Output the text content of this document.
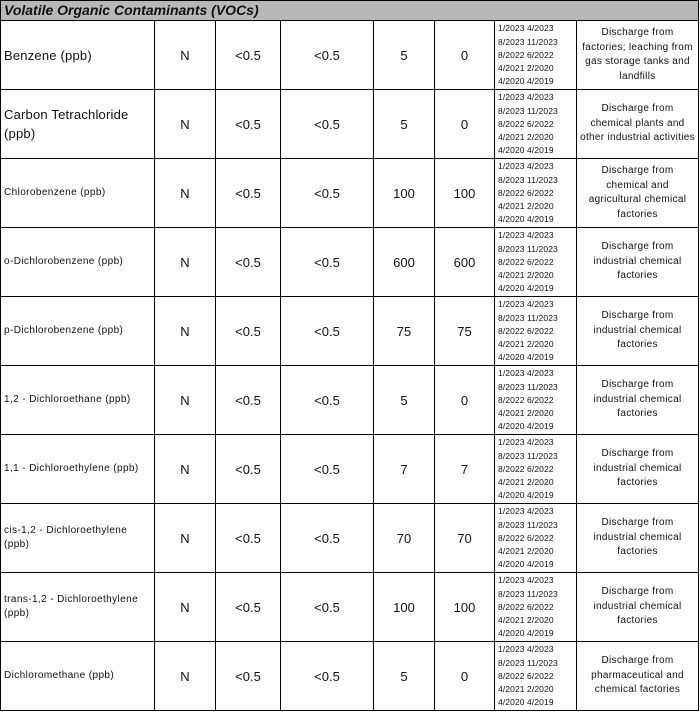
Volatile Organic Contaminants (VOCs)							
Benzene (ppb)	N	<0.5	<0.5	5	0	1/2023 4/2023
8/2023 11/2023
8/2022 6/2022
4/2021 2/2020
4/2020 4/2019	Discharge from factories; leaching from gas storage tanks and landfills
Carbon Tetrachloride (ppb)	N	<0.5	<0.5	5	0	1/2023 4/2023
8/2023 11/2023
8/2022 6/2022
4/2021 2/2020
4/2020 4/2019	Discharge from chemical plants and other industrial activities
Chlorobenzene (ppb)	N	<0.5	<0.5	100	100	1/2023 4/2023
8/2023 11/2023
8/2022 6/2022
4/2021 2/2020
4/2020 4/2019	Discharge from chemical and agricultural chemical factories
o-Dichlorobenzene (ppb)	N	<0.5	<0.5	600	600	1/2023 4/2023
8/2023 11/2023
8/2022 6/2022
4/2021 2/2020
4/2020 4/2019	Discharge from industrial chemical factories
p-Dichlorobenzene (ppb)	N	<0.5	<0.5	75	75	1/2023 4/2023
8/2023 11/2023
8/2022 6/2022
4/2021 2/2020
4/2020 4/2019	Discharge from industrial chemical factories
1,2 - Dichloroethane (ppb)	N	<0.5	<0.5	5	0	1/2023 4/2023
8/2023 11/2023
8/2022 6/2022
4/2021 2/2020
4/2020 4/2019	Discharge from industrial chemical factories
1,1 - Dichloroethylene (ppb)	N	<0.5	<0.5	7	7	1/2023 4/2023
8/2023 11/2023
8/2022 6/2022
4/2021 2/2020
4/2020 4/2019	Discharge from industrial chemical factories
cis-1,2 - Dichloroethylene (ppb)	N	<0.5	<0.5	70	70	1/2023 4/2023
8/2023 11/2023
8/2022 6/2022
4/2021 2/2020
4/2020 4/2019	Discharge from industrial chemical factories
trans-1,2 - Dichloroethylene (ppb)	N	<0.5	<0.5	100	100	1/2023 4/2023
8/2023 11/2023
8/2022 6/2022
4/2021 2/2020
4/2020 4/2019	Discharge from industrial chemical factories
Dichloromethane (ppb)	N	<0.5	<0.5	5	0	1/2023 4/2023
8/2023 11/2023
8/2022 6/2022
4/2021 2/2020
4/2020 4/2019	Discharge from pharmaceutical and chemical factories
